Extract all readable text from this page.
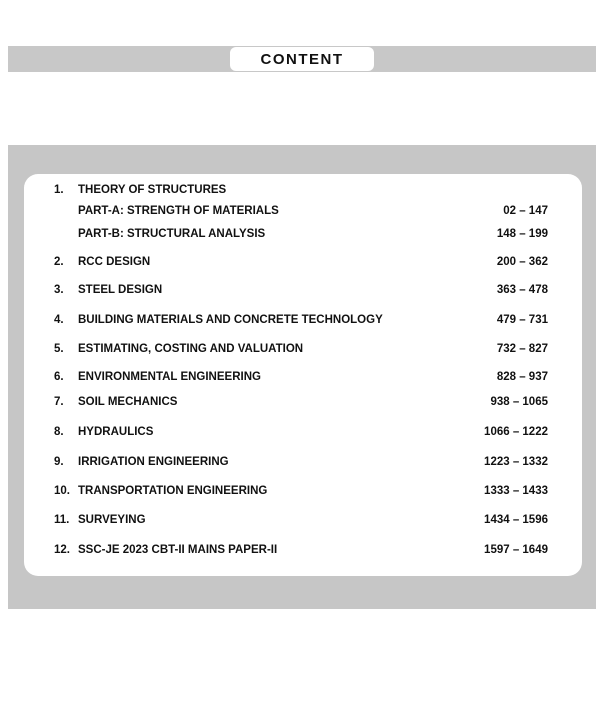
CONTENT
1. THEORY OF STRUCTURES
PART-A: STRENGTH OF MATERIALS	02 – 147
PART-B: STRUCTURAL ANALYSIS	148 – 199
2. RCC DESIGN	200 – 362
3. STEEL DESIGN	363 – 478
4. BUILDING MATERIALS AND CONCRETE TECHNOLOGY	479 – 731
5. ESTIMATING, COSTING AND VALUATION	732 – 827
6. ENVIRONMENTAL ENGINEERING	828 – 937
7. SOIL MECHANICS	938 – 1065
8. HYDRAULICS	1066 – 1222
9. IRRIGATION ENGINEERING	1223 – 1332
10. TRANSPORTATION ENGINEERING	1333 – 1433
11. SURVEYING	1434 – 1596
12. SSC-JE 2023 CBT-II MAINS PAPER-II	1597 – 1649
